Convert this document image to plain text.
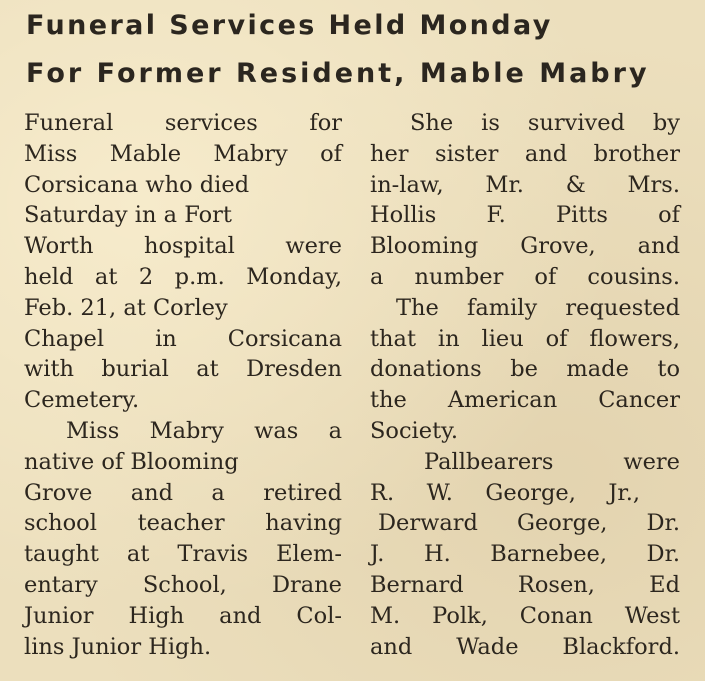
Funeral Services Held Monday
For Former Resident, Mable Mabry
Funeral services for
Miss Mable Mabry of
Corsicana who died
Saturday in a Fort
Worth hospital were
held at 2 p.m. Monday,
Feb. 21, at Corley
Chapel in Corsicana
with burial at Dresden
Cemetery.
Miss Mabry was a
native of Blooming
Grove and a retired
school teacher having
taught at Travis Elem-
entary School, Drane
Junior High and Col-
lins Junior High.
She is survived by
her sister and brother
in-law, Mr. & Mrs.
Hollis F. Pitts of
Blooming Grove, and
a number of cousins.
The family requested
that in lieu of flowers,
donations be made to
the American Cancer
Society.
Pallbearers were
R. W. George, Jr.,
Derward George, Dr.
J. H. Barnebee, Dr.
Bernard Rosen, Ed
M. Polk, Conan West
and Wade Blackford.
